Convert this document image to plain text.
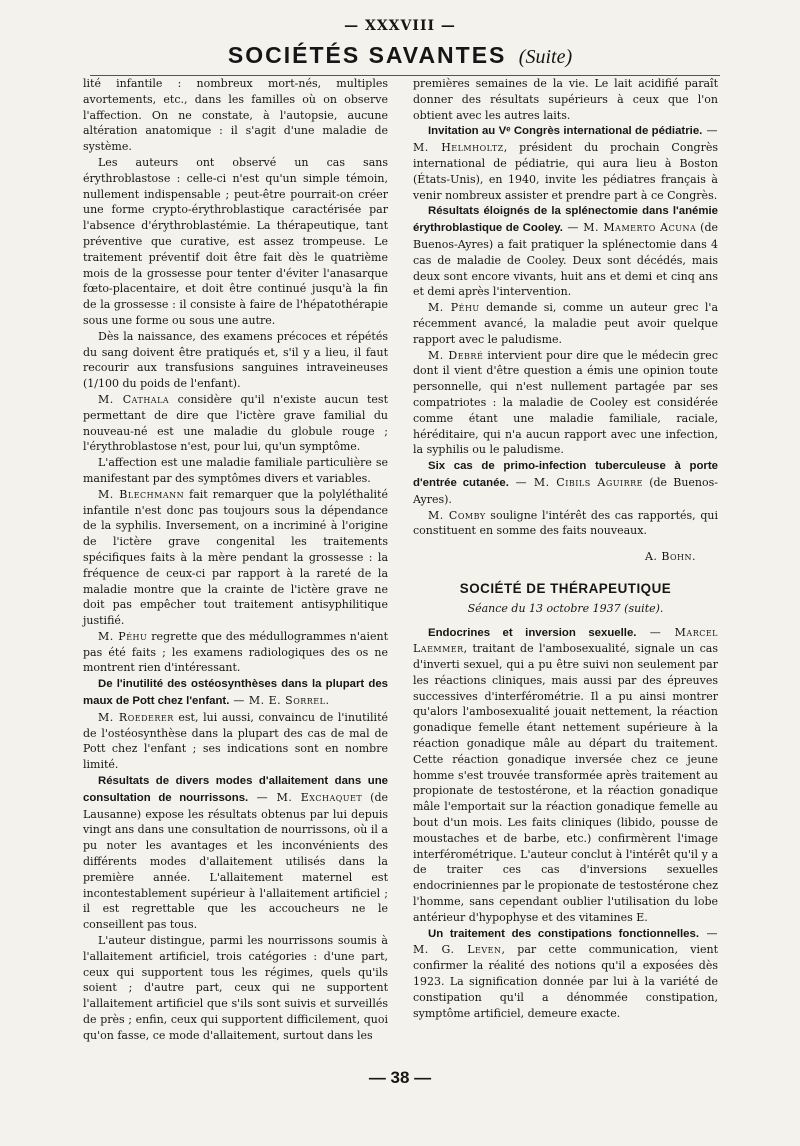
— XXXVIII —
SOCIÉTÉS SAVANTES (Suite)

lité infantile : nombreux mort-nés, multiples avortements, etc., dans les familles où on observe l'affection. On ne constate, à l'autopsie, aucune altération anatomique : il s'agit d'une maladie de système.

Les auteurs ont observé un cas sans érythroblastose : celle-ci n'est qu'un simple témoin, nullement indispensable ; peut-être pourrait-on créer une forme crypto-érythroblastique caractérisée par l'absence d'érythroblastémie. La thérapeutique, tant préventive que curative, est assez trompeuse. Le traitement préventif doit être fait dès le quatrième mois de la grossesse pour tenter d'éviter l'anasarque fœto-placentaire, et doit être continué jusqu'à la fin de la grossesse : il consiste à faire de l'hépatothérapie sous une forme ou sous une autre.

Dès la naissance, des examens précoces et répétés du sang doivent être pratiqués et, s'il y a lieu, il faut recourir aux transfusions sanguines intraveineuses (1/100 du poids de l'enfant).

M. Cathala considère qu'il n'existe aucun test permettant de dire que l'ictère grave familial du nouveau-né est une maladie du globule rouge ; l'érythroblastose n'est, pour lui, qu'un symptôme.

L'affection est une maladie familiale particulière se manifestant par des symptômes divers et variables.

M. Blechmann fait remarquer que la polyléthalité infantile n'est donc pas toujours sous la dépendance de la syphilis. Inversement, on a incriminé à l'origine de l'ictère grave congenital les traitements spécifiques faits à la mère pendant la grossesse : la fréquence de ceux-ci par rapport à la rareté de la maladie montre que la crainte de l'ictère grave ne doit pas empêcher tout traitement antisyphilitique justifié.

M. Péhu regrette que des médullogrammes n'aient pas été faits ; les examens radiologiques des os ne montrent rien d'intéressant.

De l'inutilité des ostéosynthèses dans la plupart des maux de Pott chez l'enfant. — M. E. Sorrel.

M. Roederer est, lui aussi, convaincu de l'inutilité de l'ostéosynthèse dans la plupart des cas de mal de Pott chez l'enfant ; ses indications sont en nombre limité.

Résultats de divers modes d'allaitement dans une consultation de nourrissons. — M. Exchaquet (de Lausanne) expose les résultats obtenus par lui depuis vingt ans dans une consultation de nourrissons, où il a pu noter les avantages et les inconvénients des différents modes d'allaitement utilisés dans la première année. L'allaitement maternel est incontestablement supérieur à l'allaitement artificiel ; il est regrettable que les accoucheurs ne le conseillent pas tous.

L'auteur distingue, parmi les nourrissons soumis à l'allaitement artificiel, trois catégories : d'une part, ceux qui supportent tous les régimes, quels qu'ils soient ; d'autre part, ceux qui ne supportent l'allaitement artificiel que s'ils sont suivis et surveillés de près ; enfin, ceux qui supportent difficilement, quoi qu'on fasse, ce mode d'allaitement, surtout dans les

premières semaines de la vie. Le lait acidifié paraît donner des résultats supérieurs à ceux que l'on obtient avec les autres laits.

Invitation au Vᵉ Congrès international de pédiatrie. — M. Helmholtz, président du prochain Congrès international de pédiatrie, qui aura lieu à Boston (États-Unis), en 1940, invite les pédiatres français à venir nombreux assister et prendre part à ce Congrès.

Résultats éloignés de la splénectomie dans l'anémie érythroblastique de Cooley. — M. Mamerto Acuna (de Buenos-Ayres) a fait pratiquer la splénectomie dans 4 cas de maladie de Cooley. Deux sont décédés, mais deux sont encore vivants, huit ans et demi et cinq ans et demi après l'intervention.

M. Péhu demande si, comme un auteur grec l'a récemment avancé, la maladie peut avoir quelque rapport avec le paludisme.

M. Debré intervient pour dire que le médecin grec dont il vient d'être question a émis une opinion toute personnelle, qui n'est nullement partagée par ses compatriotes : la maladie de Cooley est considérée comme étant une maladie familiale, raciale, héréditaire, qui n'a aucun rapport avec une infection, la syphilis ou le paludisme.

Six cas de primo-infection tuberculeuse à porte d'entrée cutanée. — M. Cibils Aguirre (de Buenos-Ayres).

M. Comby souligne l'intérêt des cas rapportés, qui constituent en somme des faits nouveaux.

A. Bohn.
SOCIÉTÉ DE THÉRAPEUTIQUE
Séance du 13 octobre 1937 (suite).

Endocrines et inversion sexuelle. — Marcel Laemmer, traitant de l'ambosexualité, signale un cas d'inverti sexuel, qui a pu être suivi non seulement par les réactions cliniques, mais aussi par des épreuves successives d'interférométrie. Il a pu ainsi montrer qu'alors l'ambosexualité jouait nettement, la réaction gonadique femelle étant nettement supérieure à la réaction gonadique mâle au départ du traitement. Cette réaction gonadique inversée chez ce jeune homme s'est trouvée transformée après traitement au propionate de testostérone, et la réaction gonadique mâle l'emportait sur la réaction gonadique femelle au bout d'un mois. Les faits cliniques (libido, pousse de moustaches et de barbe, etc.) confirmèrent l'image interférométrique. L'auteur conclut à l'intérêt qu'il y a de traiter ces cas d'inversions sexuelles endocriniennes par le propionate de testostérone chez l'homme, sans cependant oublier l'utilisation du lobe antérieur d'hypophyse et des vitamines E.

Un traitement des constipations fonctionnelles. — M. G. Leven, par cette communication, vient confirmer la réalité des notions qu'il a exposées dès 1923. La signification donnée par lui à la variété de constipation qu'il a dénommée constipation, symptôme artificiel, demeure exacte.

— 38 —
